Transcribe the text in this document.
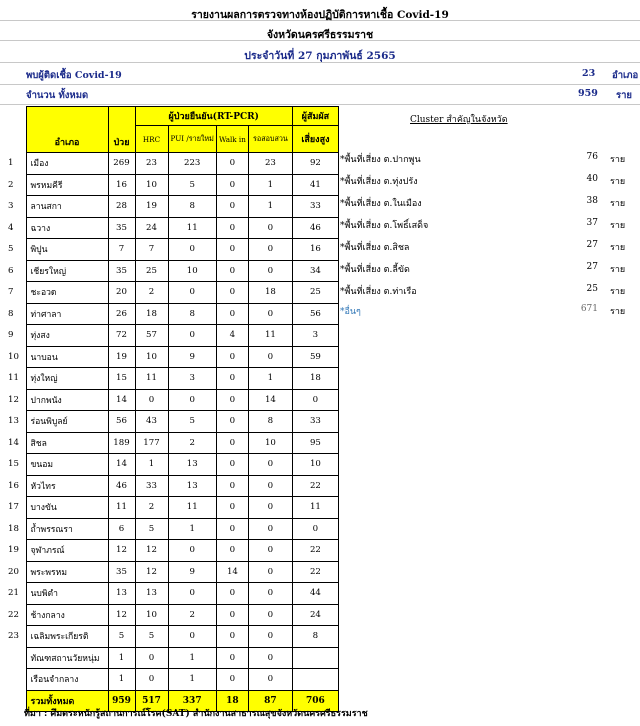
รายงานผลการตรวจทางห้องปฏิบัติการหาเชื้อ Covid-19
จังหวัดนครศรีธรรมราช
ประจำวันที่ 27 กุมภาพันธ์ 2565
พบผู้ติดเชื้อ Covid-19	23 อำเภอ
จำนวน ทั้งหมด	959 ราย
	อำเภอ	ป่วย	ผู้ป่วยยืนยัน(RT-PCR)				ผู้สัมผัส
			HRC	PUI /รายใหม่	Walk in	รอสอบสวน	เสี่ยงสูง
1	เมือง	269	23	223	0	23	92
2	พรหมคีรี	16	10	5	0	1	41
3	ลานสกา	28	19	8	0	1	33
4	ฉวาง	35	24	11	0	0	46
5	พิปูน	7	7	0	0	0	16
6	เชียรใหญ่	35	25	10	0	0	34
7	ชะอวด	20	2	0	0	18	25
8	ท่าศาลา	26	18	8	0	0	56
9	ทุ่งสง	72	57	0	4	11	3
10	นาบอน	19	10	9	0	0	59
11	ทุ่งใหญ่	15	11	3	0	1	18
12	ปากพนัง	14	0	0	0	14	0
13	ร่อนพิบูลย์	56	43	5	0	8	33
14	สิชล	189	177	2	0	10	95
15	ขนอม	14	1	13	0	0	10
16	หัวไทร	46	33	13	0	0	22
17	บางขัน	11	2	11	0	0	11
18	ถ้ำพรรณรา	6	5	1	0	0	0
19	จุฬาภรณ์	12	12	0	0	0	22
20	พระพรหม	35	12	9	14	0	22
21	นบพิตำ	13	13	0	0	0	44
22	ช้างกลาง	12	10	2	0	0	24
23	เฉลิมพระเกียรติ	5	5	0	0	0	8
	ทัณฑสถานวัยหนุ่ม	1	0	1	0	0	
	เรือนจำกลาง	1	0	1	0	0	
	รวมทั้งหมด	959	517	337	18	87	706
Cluster สำคัญในจังหวัด
*พื้นที่เสี่ยง ต.ปากพูน	76 ราย
*พื้นที่เสี่ยง ต.ทุ่งปรัง	40 ราย
*พื้นที่เสี่ยง ต.ในเมือง	38 ราย
*พื้นที่เสี่ยง ต.โพธิ์เสด็จ	37 ราย
*พื้นที่เสี่ยง ต.สิชล	27 ราย
*พื้นที่เสี่ยง ต.ลี้ขัด	27 ราย
*พื้นที่เสี่ยง ต.ท่าเรือ	25 ราย
*อื่นๆ	671 ราย
ที่มา : ศึมตระหนักรู้สถานการณ์โรค(SAT) สำนักงานสาธารณสุขจังหวัดนครศรีธรรมราช
